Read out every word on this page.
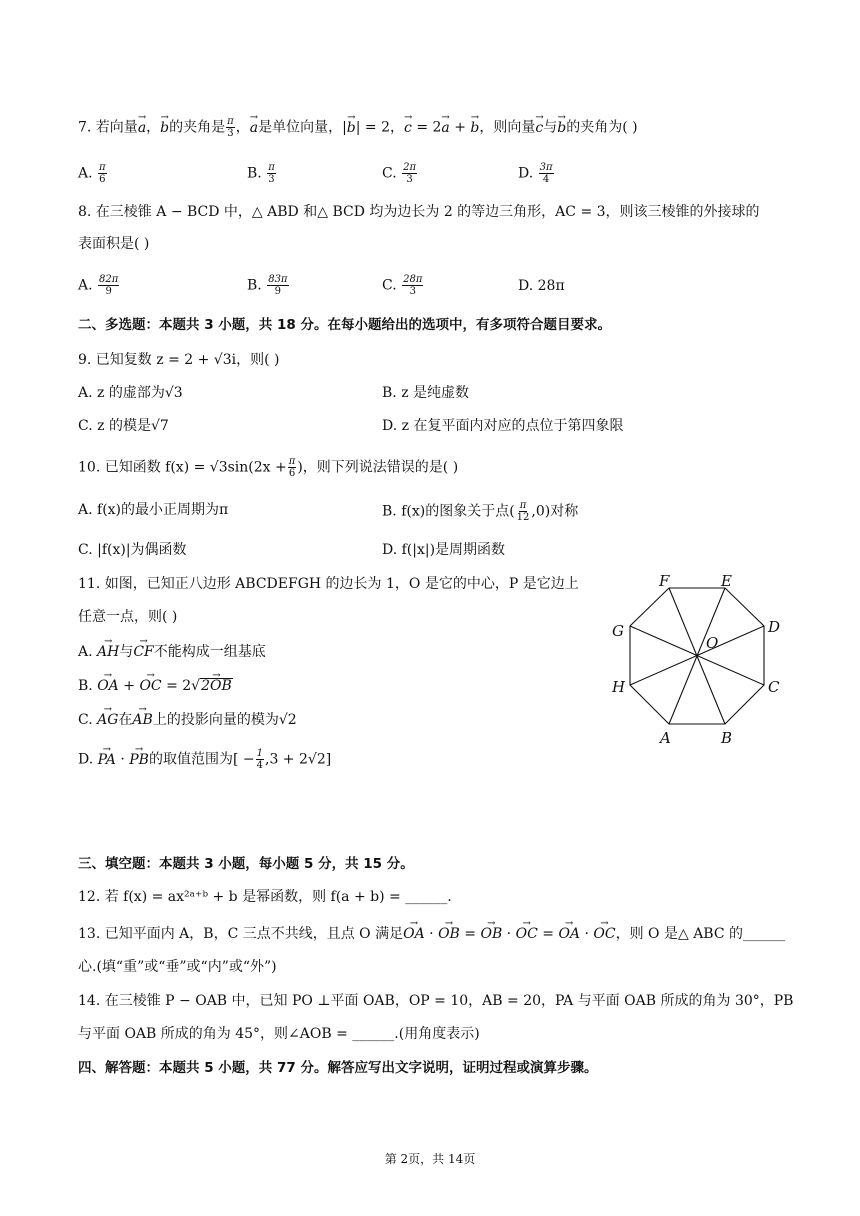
7. 若向量→ a，→ b的夹角是 $\frac{\pi}{3}$ ，→ a是单位向量，|→ b| = 2，→ c = 2→ a + → b，则向量→ c与→ b的夹角为( )
A. $\frac{\pi}{6}$	B. $\frac{\pi}{3}$	C. $\frac{2\pi}{3}$	D. $\frac{3\pi}{4}$
8. 在三棱锥 A − BCD 中，△ ABD 和△ BCD 均为边长为 2 的等边三角形，AC = 3，则该三棱锥的外接球的
表面积是( )
A. $\frac{82\pi}{9}$	B. $\frac{83\pi}{9}$	C. $\frac{28\pi}{3}$	D. 28π
二、多选题：本题共 3 小题，共 18 分。在每小题给出的选项中，有多项符合题目要求。
9. 已知复数 z = 2 + √3i，则( )
A. z 的虚部为√3	B. z 是纯虚数
C. z 的模是√7	D. z 在复平面内对应的点位于第四象限
10. 已知函数 $f(x) = √3\sin(2x + \frac{\pi}{6}$ )，则下列说法错误的是( )
A. f(x)的最小正周期为π	B. f(x)的图象关于点( $\frac{\pi}{12} ,0$)对称
C. |f(x)|为偶函数	D. f(|x|)是周期函数
11. 如图，已知正八边形 ABCDEFGH 的边长为 1，O 是它的中心，P 是它边上
任意一点，则( )
A. → AH与→ CF不能构成一组基底
B. → OA + → OC = 2√→ 2OB
C. → AG在→ AB上的投影向量的模为√2
D. → PA · → PB的取值范围为[ − $\frac{1}{4} ,3 + 2√2$]
F	E
D
C
B
A
H
G
O
三、填空题：本题共 3 小题，每小题 5 分，共 15 分。
12. 若 f(x) = ax²ᵃ⁺ᵇ + b 是幂函数，则 f(a + b) = ______.
13. 已知平面内 A，B，C 三点不共线，且点 O 满足→ OA · → OB = → OB · → OC = → OA · → OC，则 O 是△ ABC 的______
心.(填“重”或“垂”或“内”或“外”)
14. 在三棱锥 P − OAB 中，已知 PO ⊥平面 OAB，OP = 10，AB = 20，PA 与平面 OAB 所成的角为 30°，PB
与平面 OAB 所成的角为 45°，则∠AOB = ______.(用角度表示)
四、解答题：本题共 5 小题，共 77 分。解答应写出文字说明，证明过程或演算步骤。
第 2页，共 14页
